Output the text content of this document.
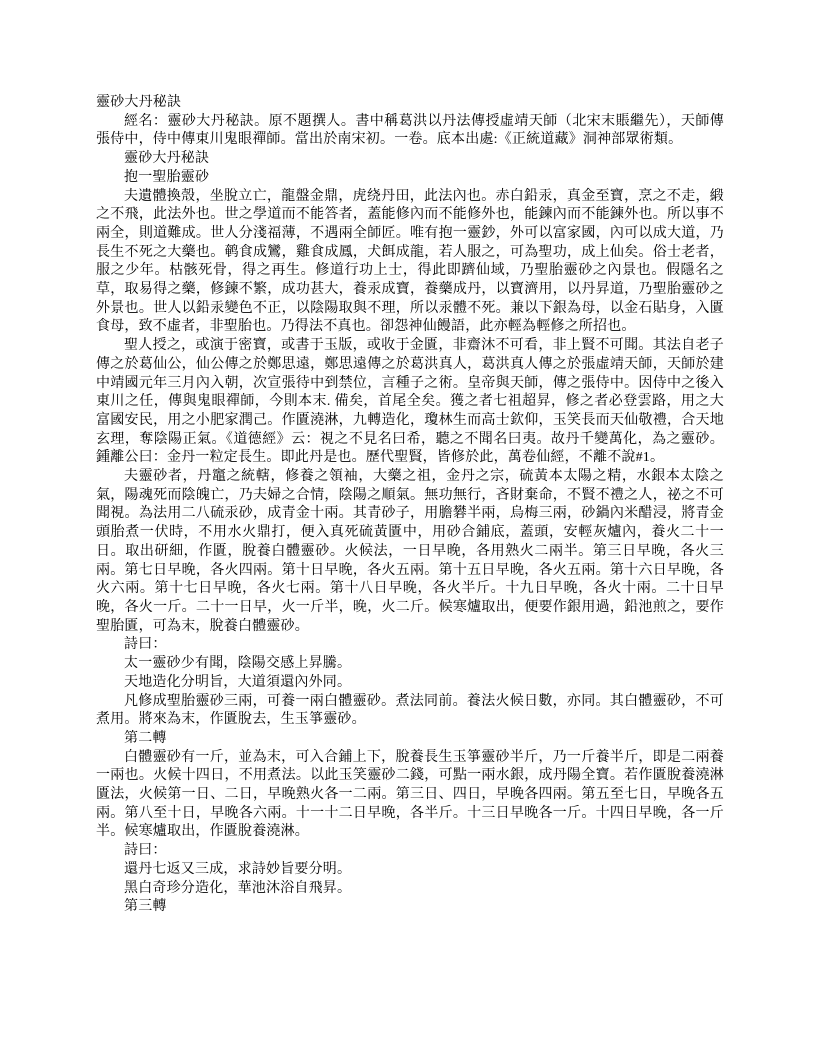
靈砂大丹秘訣

經名：靈砂大丹秘訣。原不題撰人。書中稱葛洪以丹法傳授虛靖天師（北宋末賬繼先），天師傳張侍中，侍中傳東川鬼眼禪師。當出於南宋初。一卷。底本出處:《正統道藏》洞神部眾術類。

靈砂大丹秘訣

抱一聖胎靈砂

夫遺體換殼，坐脫立亡，龍盤金鼎，虎绕丹田，此法內也。赤白鉛汞，真金至寶，烹之不走，緞之不飛，此法外也。世之學道而不能答者，蓋能修內而不能修外也，能鍊內而不能鍊外也。所以事不兩全，則道難成。世人分淺福薄，不遇兩全師匠。唯有抱一靈鈔，外可以富家國，內可以成大道，乃長生不死之大藥也。鹌食成鸞，雞食成鳳，犬餌成龍，若人服之，可為聖功，成上仙矣。俗士老者，服之少年。枯骸死骨，得之再生。修道行功上士，得此即躋仙域，乃聖胎靈砂之內景也。假隱名之草，取易得之藥，修鍊不繁，成功甚大，養汞成寶，養藥成丹，以寶濟用，以丹昇道，乃聖胎靈砂之外景也。世人以鉛汞變色不正，以陰陽取與不理，所以汞體不死。兼以下銀為母，以金石貼身，入匱食母，致不虛者，非聖胎也。乃得法不真也。卻怨神仙饅語，此亦輕為輕修之所招也。

聖人授之，或演于密寶，或書于玉版，或收于金匱，非齋沐不可看，非上賢不可聞。其法自老子傳之於葛仙公，仙公傳之於鄭思遠，鄭思遠傳之於葛洪真人，葛洪真人傳之於張虛靖天師，天師於建中靖國元年三月內入朝，次宣張待中到禁位，言種子之術。皇帝與天師，傳之張侍中。因侍中之後入東川之任，傳與鬼眼禪師，今則本末. 備矣，首尾全矣。獲之者七祖超昇，修之者必登雲路，用之大富國安民，用之小肥家潤己。作匱澆淋，九轉造化，瓊林生而高士欽仰，玉笑長而天仙敬禮，合天地玄理，奪陰陽正氣。《道德經》云：視之不見名曰希，聽之不聞名曰夷。故丹千變萬化，為之靈砂。鍾離公曰：金丹一粒定長生。即此丹是也。歷代聖賢，皆修於此，萬卷仙經，不離不說#1。

夫靈砂者，丹竈之統轄，修養之領袖，大藥之祖，金丹之宗，硫黃本太陽之精，水銀本太陰之氣，陽魂死而陰魄亡，乃夫婦之合情，陰陽之順氣。無功無行，吝財棄命，不賢不禮之人，祕之不可聞視。為法用二八硫汞砂，成青金十兩。其青砂子，用膽礬半兩，烏梅三兩，砂鍋內米醋浸，將青金頭胎煮一伏時，不用水火鼎打，便入真死硫黃匱中，用砂合鋪底，蓋頭，安輕灰爐內，養火二十一日。取出研細，作匱，脫養白體靈砂。火候法，一日早晚，各用熟火二兩半。第三日早晚，各火三兩。第七日早晚，各火四兩。第十日早晚，各火五兩。第十五日早晚，各火五兩。第十六日早晚，各火六兩。第十七日早晚，各火七兩。第十八日早晚，各火半斤。十九日早晚，各火十兩。二十日早晚，各火一斤。二十一日早，火一斤半，晚，火二斤。候寒爐取出，便要作銀用過，鉛池煎之，要作聖胎匱，可為末，脫養白體靈砂。

詩曰：

太一靈砂少有聞，陰陽交感上昇騰。

天地造化分明旨，大道須還內外同。

凡修成聖胎靈砂三兩，可養一兩白體靈砂。煮法同前。養法火候日數，亦同。其白體靈砂，不可煮用。將來為末，作匱脫去，生玉箏靈砂。

第二轉

白體靈砂有一斤，並為末，可入合鋪上下，脫養長生玉箏靈砂半斤，乃一斤養半斤，即是二兩養一兩也。火候十四日，不用煮法。以此玉笑靈砂二錢，可點一兩水銀，成丹陽全寶。若作匱脫養澆淋匱法，火候第一日、二日，早晚熟火各一二兩。第三日、四日，早晚各四兩。第五至七日，早晚各五兩。第八至十日，早晚各六兩。十一十二日早晚，各半斤。十三日早晚各一斤。十四日早晚，各一斤半。候寒爐取出，作匱脫養澆淋。

詩曰：

還丹七返又三成，求詩妙旨要分明。

黑白奇珍分造化，華池沐浴自飛昇。

第三轉
